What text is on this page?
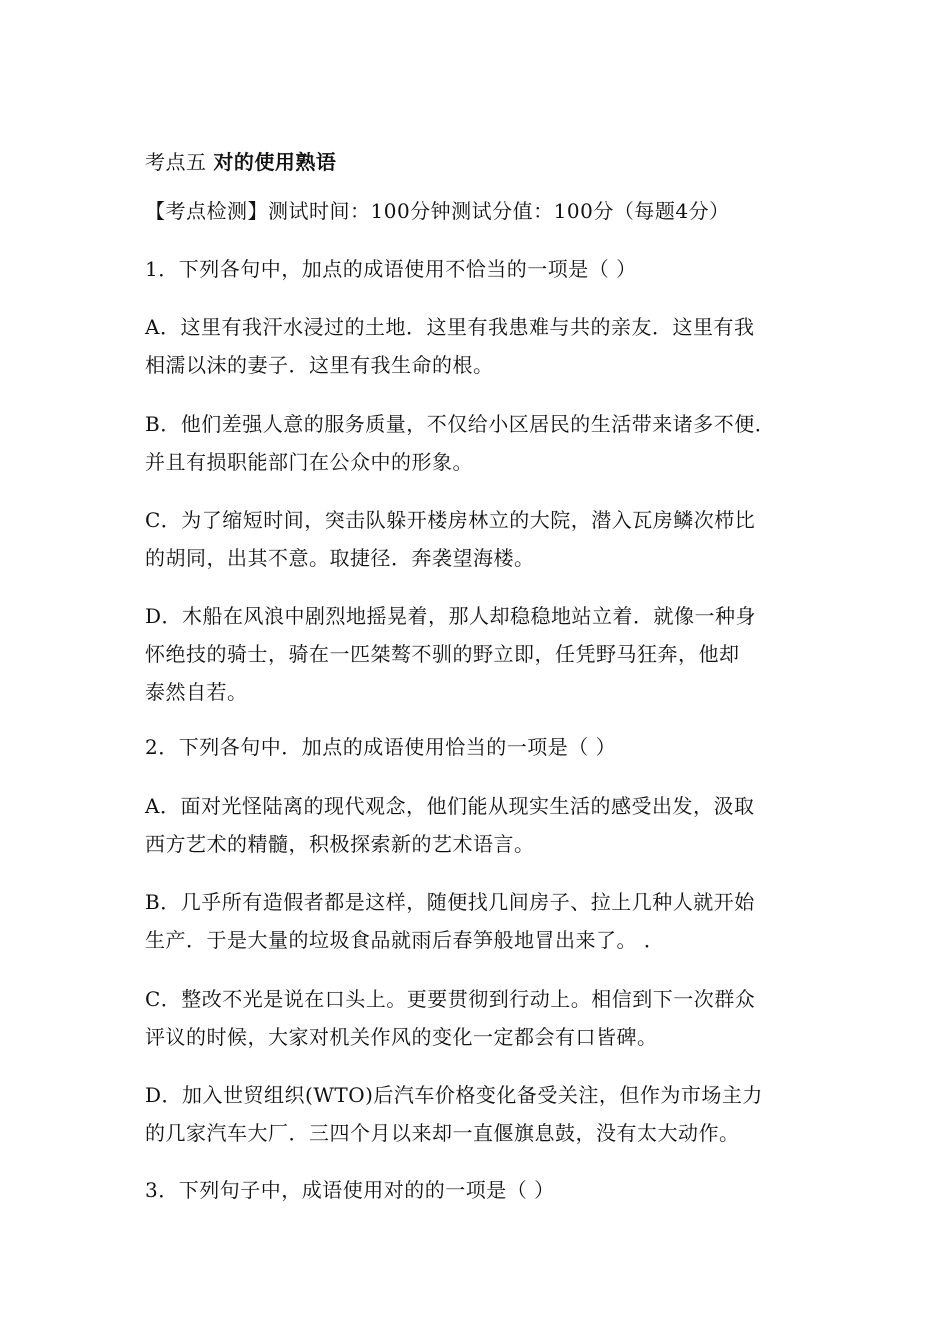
考点五 对的使用熟语
【考点检测】测试时间：100分钟测试分值：100分（每题4分）
1．下列各句中，加点的成语使用不恰当的一项是（ ）
A．这里有我汗水浸过的土地．这里有我患难与共的亲友．这里有我
相濡以沫的妻子．这里有我生命的根。
B．他们差强人意的服务质量，不仅给小区居民的生活带来诸多不便．
并且有损职能部门在公众中的形象。
C．为了缩短时间，突击队躲开楼房林立的大院，潜入瓦房鳞次栉比
的胡同，出其不意。取捷径．奔袭望海楼。
D．木船在风浪中剧烈地摇晃着，那人却稳稳地站立着．就像一种身
怀绝技的骑士，骑在一匹桀骜不驯的野立即，任凭野马狂奔，他却
泰然自若。
2．下列各句中．加点的成语使用恰当的一项是（ ）
A．面对光怪陆离的现代观念，他们能从现实生活的感受出发，汲取
西方艺术的精髓，积极探索新的艺术语言。
B．几乎所有造假者都是这样，随便找几间房子、拉上几种人就开始
生产．于是大量的垃圾食品就雨后春笋般地冒出来了。 ．
C．整改不光是说在口头上。更要贯彻到行动上。相信到下一次群众
评议的时候，大家对机关作风的变化一定都会有口皆碑。
D．加入世贸组织(WTO)后汽车价格变化备受关注，但作为市场主力
的几家汽车大厂．三四个月以来却一直偃旗息鼓，没有太大动作。
3．下列句子中，成语使用对的的一项是（ ）
